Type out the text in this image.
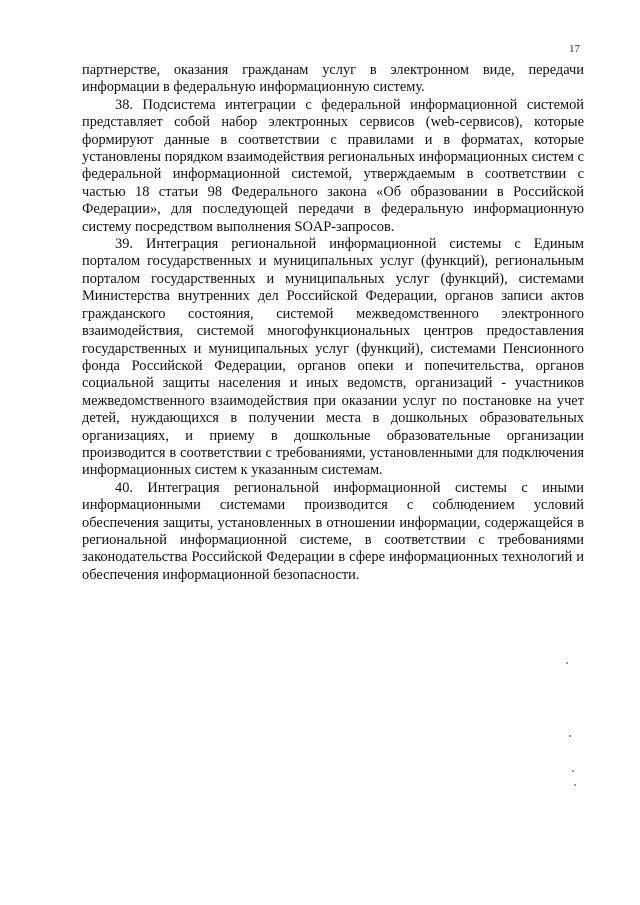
17

партнерстве, оказания гражданам услуг в электронном виде, передачи информации в федеральную информационную систему.

38. Подсистема интеграции с федеральной информационной системой представляет собой набор электронных сервисов (web-сервисов), которые формируют данные в соответствии с правилами и в форматах, которые установлены порядком взаимодействия региональных информационных систем с федеральной информационной системой, утверждаемым в соответствии с частью 18 статьи 98 Федерального закона «Об образовании в Российской Федерации», для последующей передачи в федеральную информационную систему посредством выполнения SOAP-запросов.

39. Интеграция региональной информационной системы с Единым порталом государственных и муниципальных услуг (функций), региональным порталом государственных и муниципальных услуг (функций), системами Министерства внутренних дел Российской Федерации, органов записи актов гражданского состояния, системой межведомственного электронного взаимодействия, системой многофункциональных центров предоставления государственных и муниципальных услуг (функций), системами Пенсионного фонда Российской Федерации, органов опеки и попечительства, органов социальной защиты населения и иных ведомств, организаций - участников межведомственного взаимодействия при оказании услуг по постановке на учет детей, нуждающихся в получении места в дошкольных образовательных организациях, и приему в дошкольные образовательные организации производится в соответствии с требованиями, установленными для подключения информационных систем к указанным системам.

40. Интеграция региональной информационной системы с иными информационными системами производится с соблюдением условий обеспечения защиты, установленных в отношении информации, содержащейся в региональной информационной системе, в соответствии с требованиями законодательства Российской Федерации в сфере информационных технологий и обеспечения информационной безопасности.
